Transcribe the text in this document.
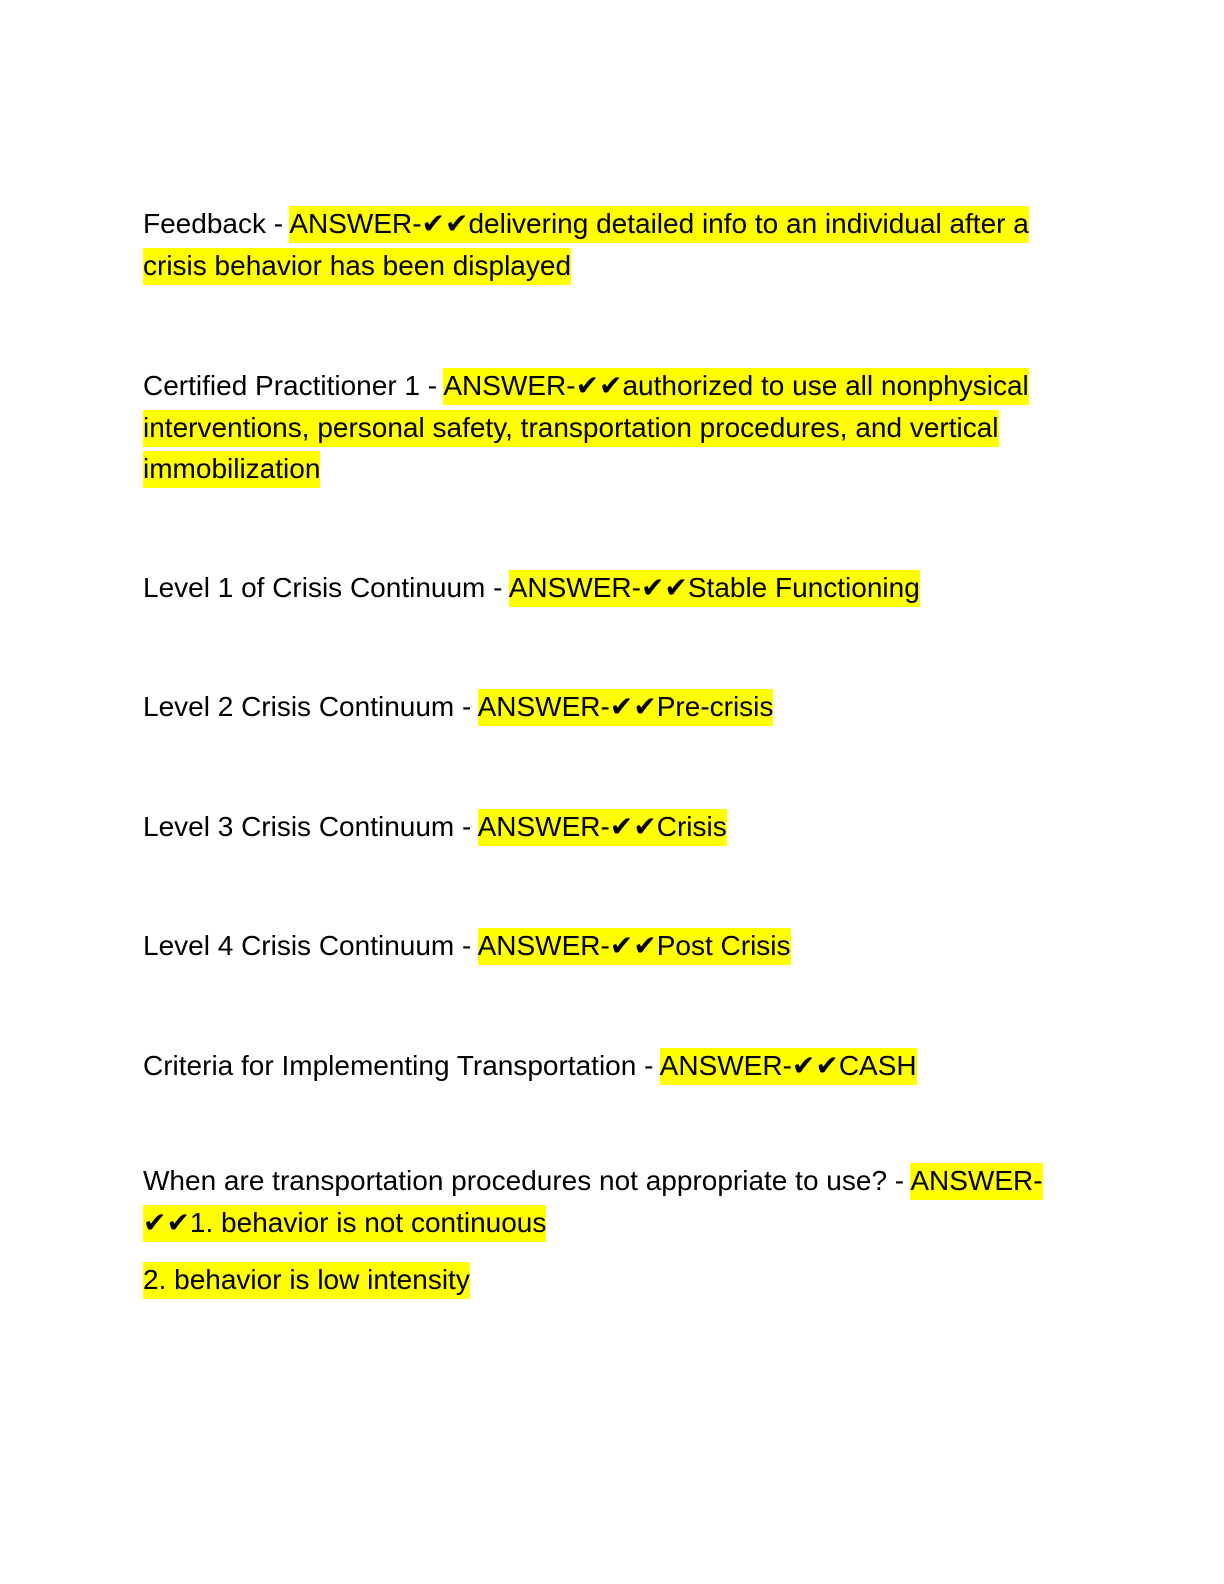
Feedback - ANSWER-✔✔delivering detailed info to an individual after a crisis behavior has been displayed

Certified Practitioner 1 - ANSWER-✔✔authorized to use all nonphysical interventions, personal safety, transportation procedures, and vertical immobilization

Level 1 of Crisis Continuum - ANSWER-✔✔Stable Functioning

Level 2 Crisis Continuum - ANSWER-✔✔Pre-crisis

Level 3 Crisis Continuum - ANSWER-✔✔Crisis

Level 4 Crisis Continuum - ANSWER-✔✔Post Crisis

Criteria for Implementing Transportation - ANSWER-✔✔CASH

When are transportation procedures not appropriate to use? - ANSWER-✔✔1. behavior is not continuous
2. behavior is low intensity
